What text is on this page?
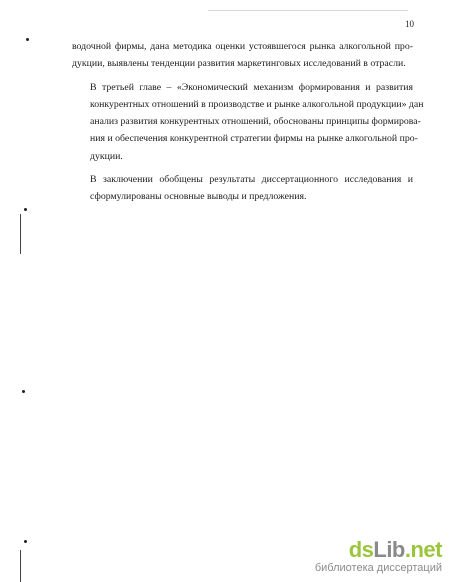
10

водочной фирмы, дана методика оценки устоявшегося рынка алкогольной про-
дукции, выявлены тенденции развития маркетинговых исследований в отрасли.

В третьей главе – «Экономический механизм формирования и развития
конкурентных отношений в производстве и рынке алкогольной продукции» дан
анализ развития конкурентных отношений, обоснованы принципы формирова-
ния и обеспечения конкурентной стратегии фирмы на рынке алкогольной про-
дукции.

В заключении обобщены результаты диссертационного исследования и
сформулированы основные выводы и предложения.

dsLib.net
библиотека диссертаций
